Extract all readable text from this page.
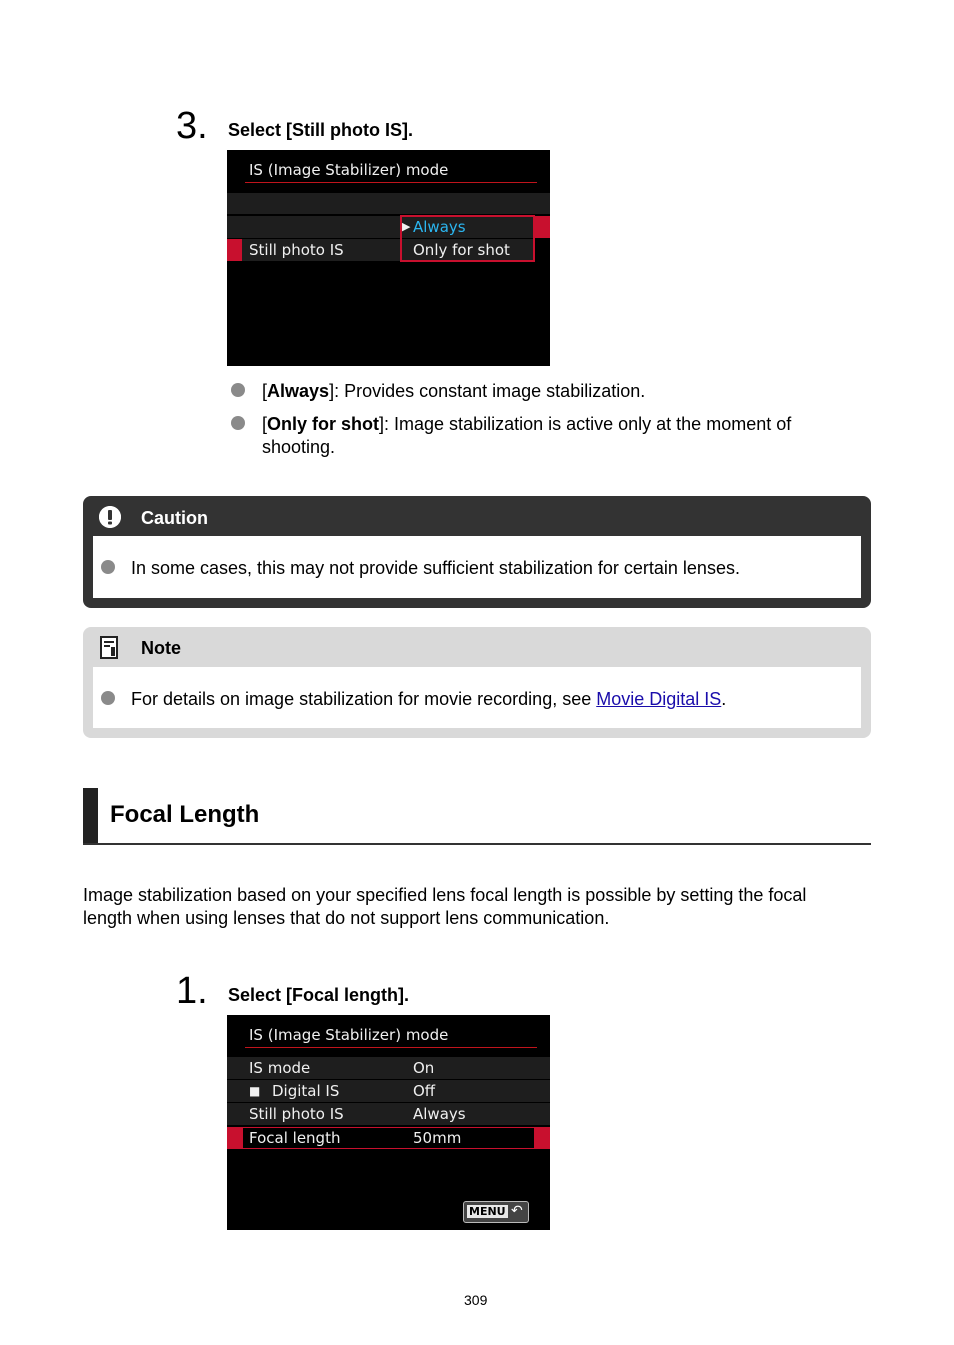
3. Select [Still photo IS].
IS (Image Stabilizer) mode
Still photo IS
▶ Always
Only for shot
[Always]: Provides constant image stabilization.
[Only for shot]: Image stabilization is active only at the moment of
shooting.
Caution
In some cases, this may not provide sufficient stabilization for certain lenses.
Note
For details on image stabilization for movie recording, see Movie Digital IS.
Focal Length
Image stabilization based on your specified lens focal length is possible by setting the focal
length when using lenses that do not support lens communication.
1. Select [Focal length].
IS (Image Stabilizer) mode
IS mode	On
■ Digital IS	Off
Still photo IS	Always
Focal length	50mm
MENU ↶
309
